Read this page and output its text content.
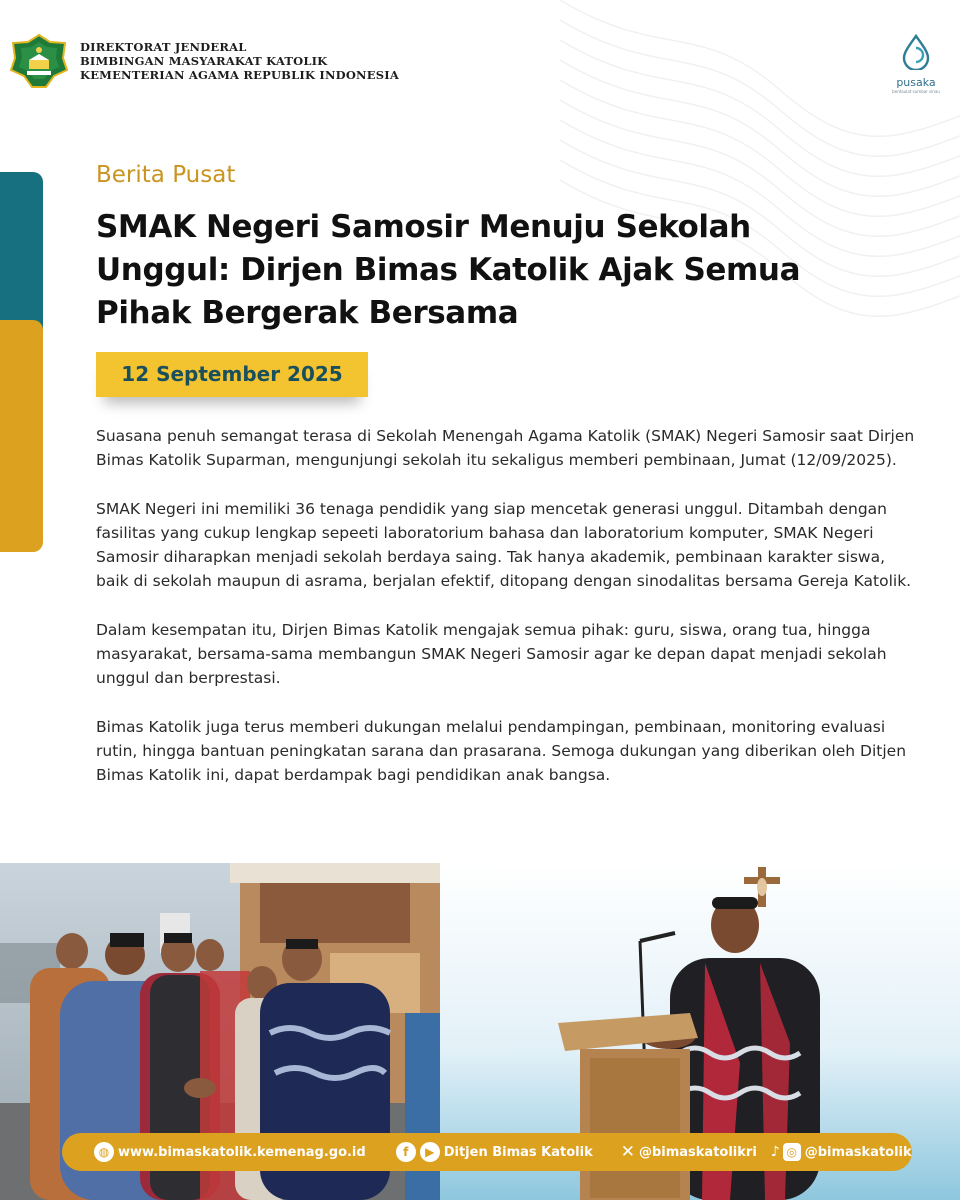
DIREKTORAT JENDERAL
BIMBINGAN MASYARAKAT KATOLIK
KEMENTERIAN AGAMA REPUBLIK INDONESIA
pusaka
berdaulat sumbar sinau
Berita Pusat
SMAK Negeri Samosir Menuju Sekolah
Unggul: Dirjen Bimas Katolik Ajak Semua
Pihak Bergerak Bersama
12 September 2025

Suasana penuh semangat terasa di Sekolah Menengah Agama Katolik (SMAK) Negeri Samosir saat Dirjen Bimas Katolik Suparman, mengunjungi sekolah itu sekaligus memberi pembinaan, Jumat (12/09/2025).

SMAK Negeri ini memiliki 36 tenaga pendidik yang siap mencetak generasi unggul. Ditambah dengan fasilitas yang cukup lengkap sepeeti laboratorium bahasa dan laboratorium komputer, SMAK Negeri Samosir diharapkan menjadi sekolah berdaya saing. Tak hanya akademik, pembinaan karakter siswa, baik di sekolah maupun di asrama, berjalan efektif, ditopang dengan sinodalitas bersama Gereja Katolik.

Dalam kesempatan itu, Dirjen Bimas Katolik mengajak semua pihak: guru, siswa, orang tua, hingga masyarakat, bersama-sama membangun SMAK Negeri Samosir agar ke depan dapat menjadi sekolah unggul dan berprestasi.

Bimas Katolik juga terus memberi dukungan melalui pendampingan, pembinaan, monitoring evaluasi rutin, hingga bantuan peningkatan sarana dan prasarana. Semoga dukungan yang diberikan oleh Ditjen Bimas Katolik ini, dapat berdampak bagi pendidikan anak bangsa.

◍ www.bimaskatolik.kemenag.go.id	f	▶ Ditjen Bimas Katolik ✕ @bimaskatolikri ♪ ◎ @bimaskatolik
